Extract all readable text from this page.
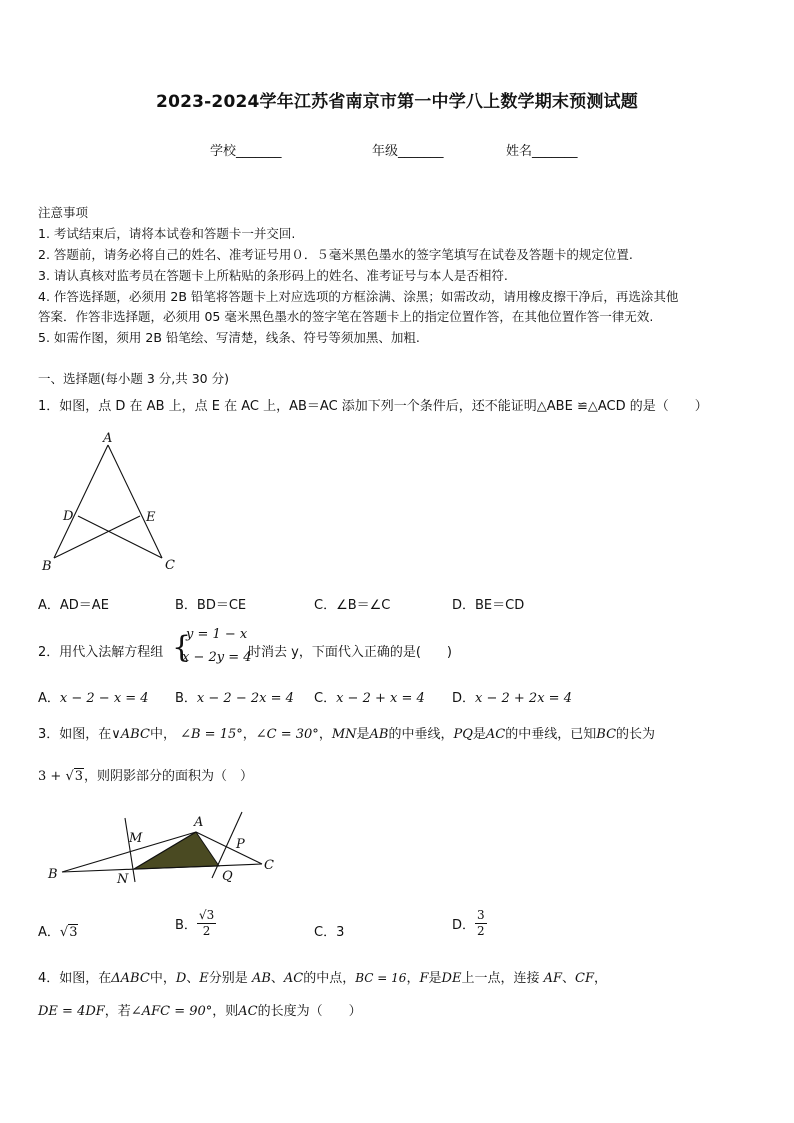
2023-2024学年江苏省南京市第一中学八上数学期末预测试题
学校_______	年级_______	姓名_______
注意事项
1. 考试结束后，请将本试卷和答题卡一并交回.
2. 答题前，请务必将自己的姓名、准考证号用０．５毫米黑色墨水的签字笔填写在试卷及答题卡的规定位置.
3. 请认真核对监考员在答题卡上所粘贴的条形码上的姓名、准考证号与本人是否相符.
4. 作答选择题，必须用 2B 铅笔将答题卡上对应选项的方框涂满、涂黑；如需改动，请用橡皮擦干净后，再选涂其他
答案．作答非选择题，必须用 05 毫米黑色墨水的签字笔在答题卡上的指定位置作答，在其他位置作答一律无效.
5. 如需作图，须用 2B 铅笔绘、写清楚，线条、符号等须加黑、加粗.
一、选择题(每小题 3 分,共 30 分)
1．如图，点 D 在 AB 上，点 E 在 AC 上，AB＝AC 添加下列一个条件后，还不能证明△ABE ≌△ACD 的是（　　）
A
D	E
B	C
A．AD＝AE	B．BD＝CE	C．∠B＝∠C	D．BE＝CD
2．用代入法解方程组 {
y = 1 − x
x − 2y = 4
时消去 y，下面代入正确的是(　　)
A．x − 2 − x = 4 B．x − 2 − 2x = 4 C．x − 2 + x = 4 D．x − 2 + 2x = 4
3．如图，在∨ABC中， ∠B = 15°，∠C = 30°，MN是AB的中垂线，PQ是AC的中垂线，已知BC的长为
3 + √3，则阴影部分的面积为（　）
A
M
B	N
P
Q
C
A．√3	B． $\frac{√3}{2}$	C．3	D． $\frac{3}{2}$
4．如图，在ΔABC中，D、E分别是 AB、AC的中点，BC = 16，F是DE上一点，连接 AF、CF，
DE = 4DF，若∠AFC = 90°，则AC的长度为（　　）
